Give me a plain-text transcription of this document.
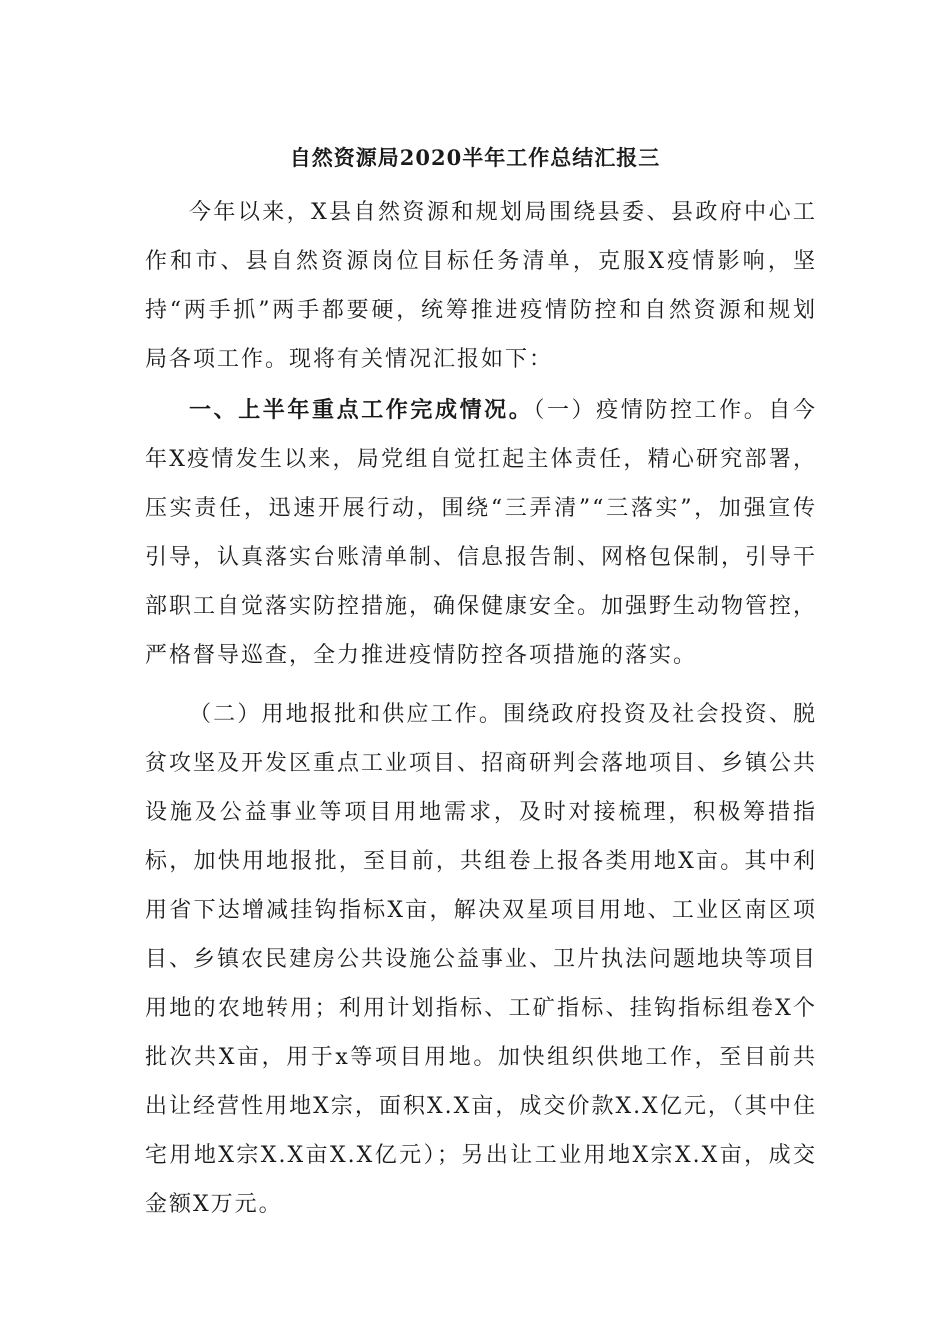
自然资源局2020半年工作总结汇报三

今年以来，X县自然资源和规划局围绕县委、县政府中心工作和市、县自然资源岗位目标任务清单，克服X疫情影响，坚持“两手抓”两手都要硬，统筹推进疫情防控和自然资源和规划局各项工作。现将有关情况汇报如下：

一、上半年重点工作完成情况。（一）疫情防控工作。自今年X疫情发生以来，局党组自觉扛起主体责任，精心研究部署，压实责任，迅速开展行动，围绕“三弄清”“三落实”，加强宣传引导，认真落实台账清单制、信息报告制、网格包保制，引导干部职工自觉落实防控措施，确保健康安全。加强野生动物管控，严格督导巡查，全力推进疫情防控各项措施的落实。

（二）用地报批和供应工作。围绕政府投资及社会投资、脱贫攻坚及开发区重点工业项目、招商研判会落地项目、乡镇公共设施及公益事业等项目用地需求，及时对接梳理，积极筹措指标，加快用地报批，至目前，共组卷上报各类用地X亩。其中利用省下达增减挂钩指标X亩，解决双星项目用地、工业区南区项目、乡镇农民建房公共设施公益事业、卫片执法问题地块等项目用地的农地转用；利用计划指标、工矿指标、挂钩指标组卷X个批次共X亩，用于x等项目用地。加快组织供地工作，至目前共出让经营性用地X宗，面积X.X亩，成交价款X.X亿元，（其中住宅用地X宗X.X亩X.X亿元）；另出让工业用地X宗X.X亩，成交金额X万元。
